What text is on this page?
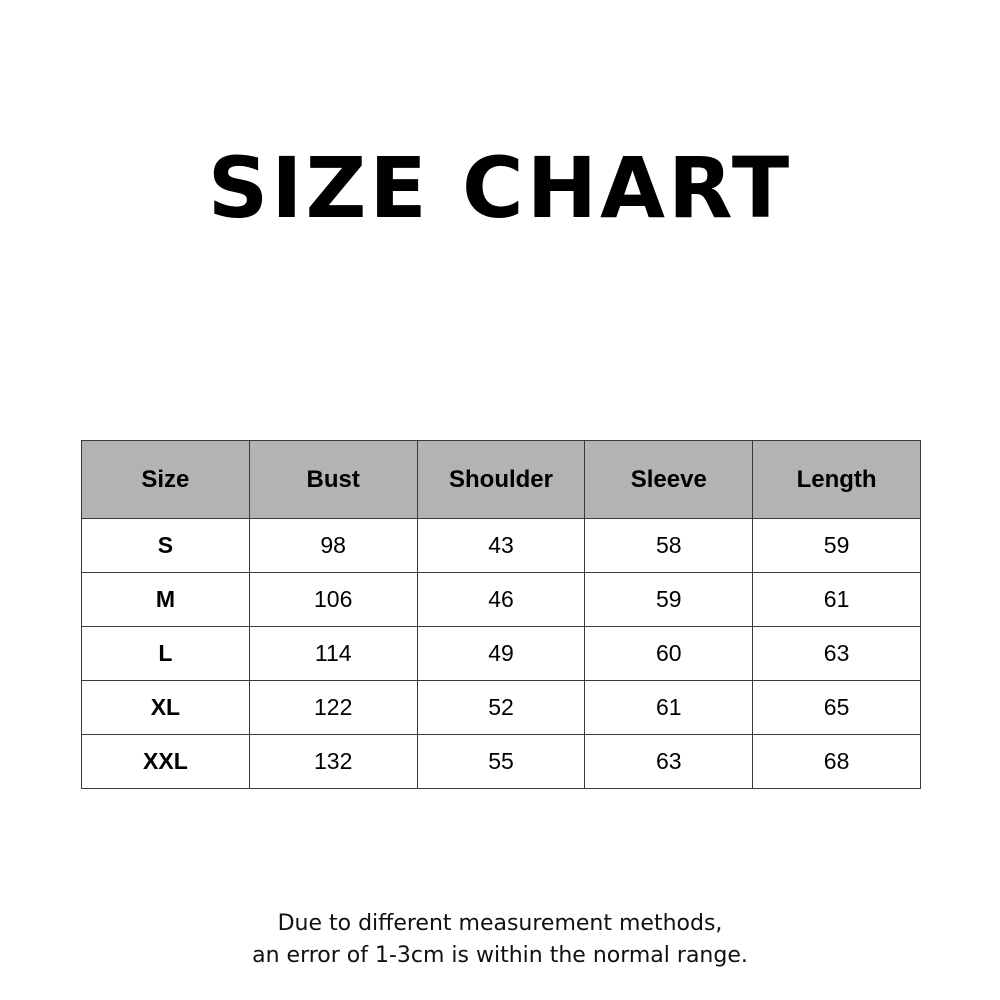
SIZE CHART
Size	Bust	Shoulder	Sleeve	Length
S	98	43	58	59
M	106	46	59	61
L	114	49	60	63
XL	122	52	61	65
XXL	132	55	63	68
Due to different measurement methods,
an error of 1-3cm is within the normal range.
